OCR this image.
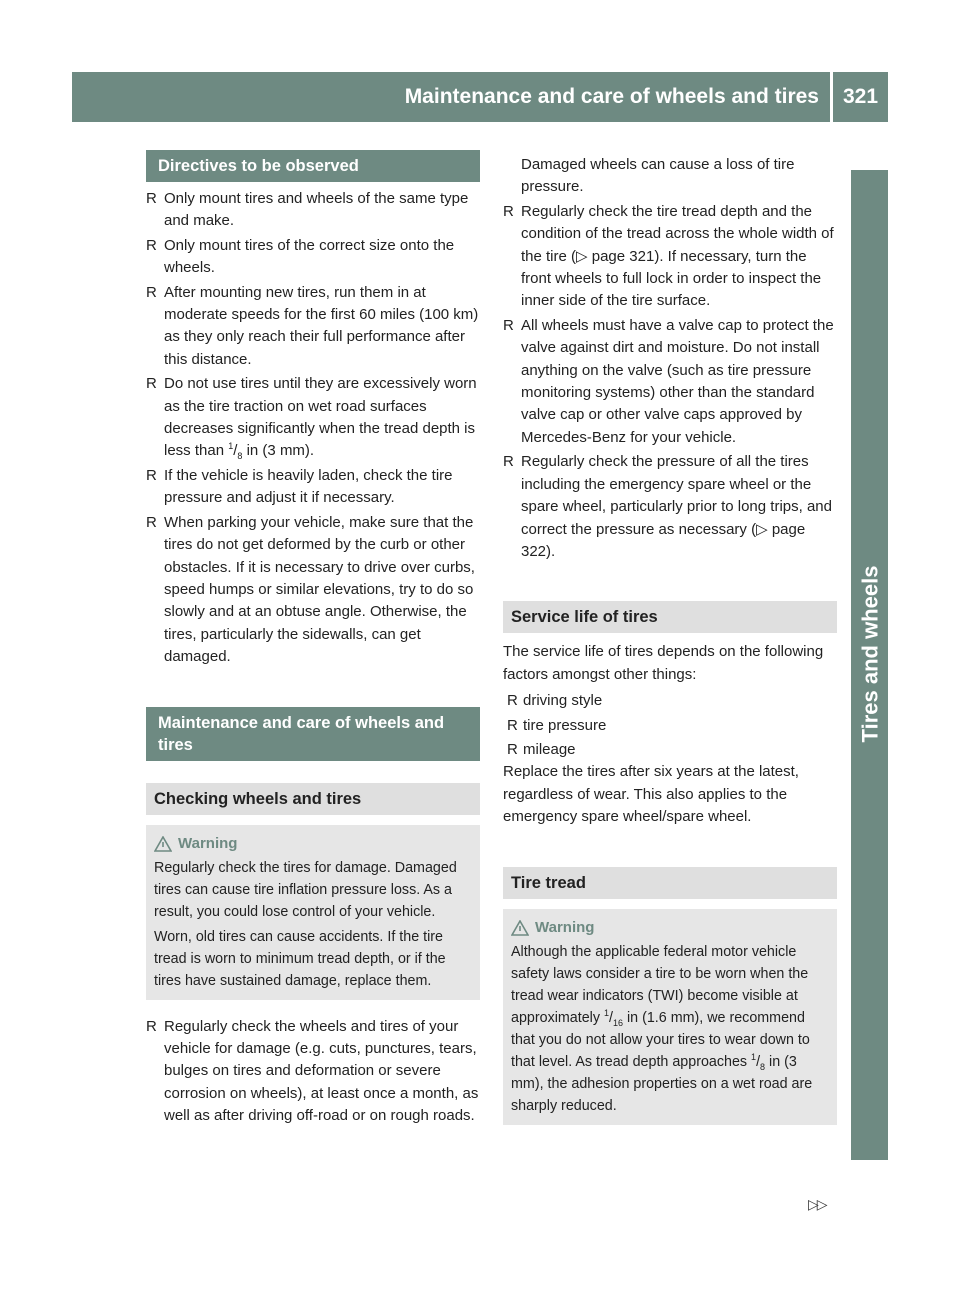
Maintenance and care of wheels and tires	321
Tires and wheels
Directives to be observed
R Only mount tires and wheels of the same type and make.
R Only mount tires of the correct size onto the wheels.
R After mounting new tires, run them in at moderate speeds for the first 60 miles (100 km) as they only reach their full performance after this distance.
R Do not use tires until they are excessively worn as the tire traction on wet road surfaces decreases significantly when the tread depth is less than $^1/_8$ in (3 mm).
R If the vehicle is heavily laden, check the tire pressure and adjust it if necessary.
R When parking your vehicle, make sure that the tires do not get deformed by the curb or other obstacles. If it is necessary to drive over curbs, speed humps or similar elevations, try to do so slowly and at an obtuse angle. Otherwise, the tires, particularly the sidewalls, can get damaged.
Maintenance and care of wheels and tires
Checking wheels and tires
Warning

Regularly check the tires for damage. Damaged tires can cause tire inflation pressure loss. As a result, you could lose control of your vehicle.

Worn, old tires can cause accidents. If the tire tread is worn to minimum tread depth, or if the tires have sustained damage, replace them.

R Regularly check the wheels and tires of your vehicle for damage (e.g. cuts, punctures, tears, bulges on tires and deformation or severe corrosion on wheels), at least once a month, as well as after driving off-road or on rough roads.

Damaged wheels can cause a loss of tire pressure.

R Regularly check the tire tread depth and the condition of the tread across the whole width of the tire (▷ page 321). If necessary, turn the front wheels to full lock in order to inspect the inner side of the tire surface.
R All wheels must have a valve cap to protect the valve against dirt and moisture. Do not install anything on the valve (such as tire pressure monitoring systems) other than the standard valve cap or other valve caps approved by Mercedes-Benz for your vehicle.
R Regularly check the pressure of all the tires including the emergency spare wheel or the spare wheel, particularly prior to long trips, and correct the pressure as necessary (▷ page 322).
Service life of tires

The service life of tires depends on the following factors amongst other things:

R driving style
R tire pressure
R mileage

Replace the tires after six years at the latest, regardless of wear. This also applies to the emergency spare wheel/spare wheel.

Tire tread
Warning

Although the applicable federal motor vehicle safety laws consider a tire to be worn when the tread wear indicators (TWI) become visible at approximately $^1/_{16}$ in (1.6 mm), we recommend that you do not allow your tires to wear down to that level. As tread depth approaches $^1/_8$ in (3 mm), the adhesion properties on a wet road are sharply reduced.

▷▷
